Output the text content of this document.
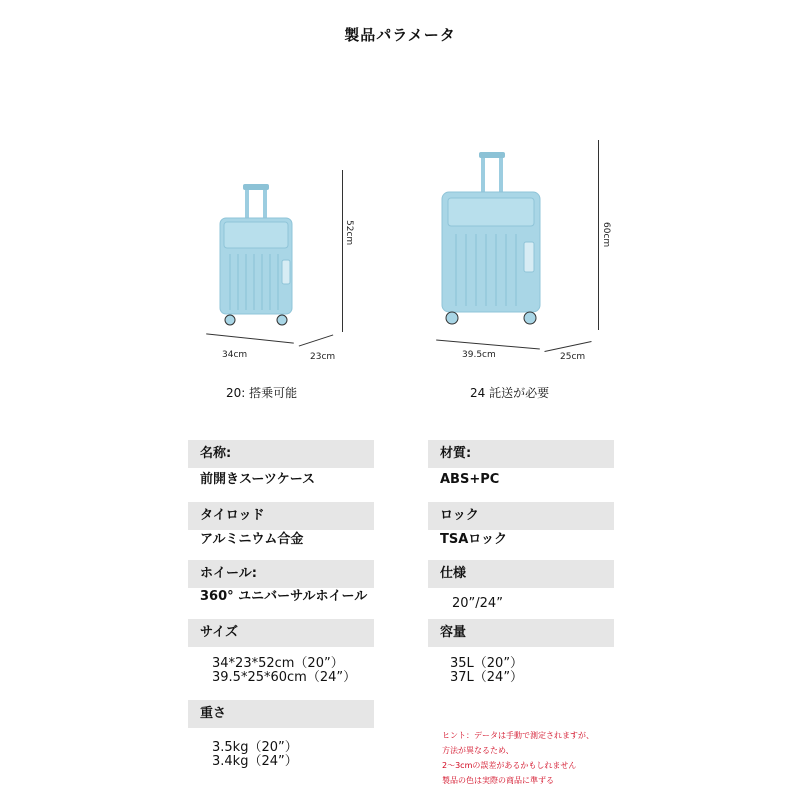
製品パラメータ
52cm
34cm	23cm
20: 搭乗可能
60cm
39.5cm	25cm
24 託送が必要
名称:
前開きスーツケース
タイロッド
アルミニウム合金
ホイール:
360° ユニバーサルホイール
サイズ
34*23*52cm（20”）
39.5*25*60cm（24”）
重さ
3.5kg（20”）
3.4kg（24”）
材質:
ABS+PC
ロック
TSAロック
仕様
20”/24”
容量
35L（20”）
37L（24”）
ヒント：データは手動で測定されますが、
方法が異なるため、
2〜3cmの誤差があるかもしれません
製品の色は実際の商品に準ずる
